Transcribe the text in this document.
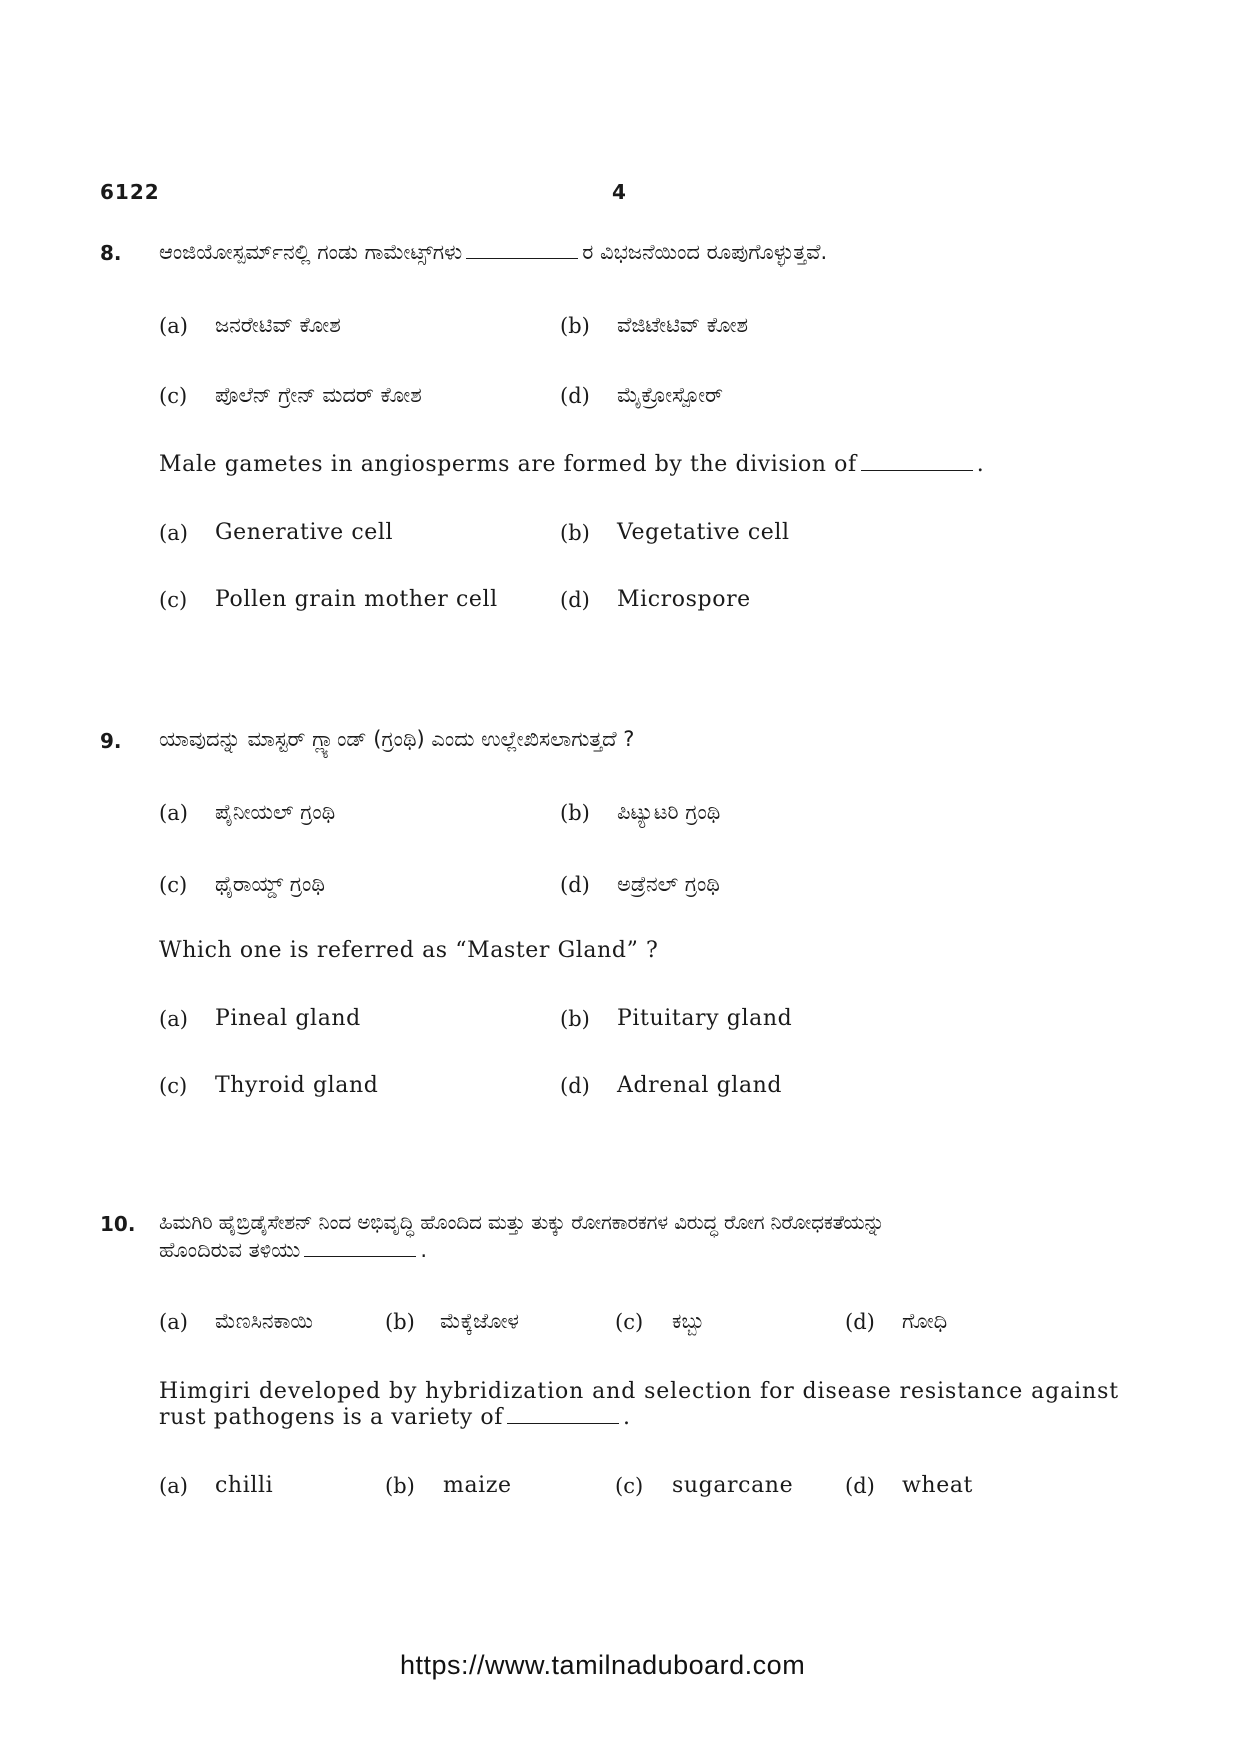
6122	4
8. ಆಂಜಿಯೋಸ್ಪರ್ಮ್‌ನಲ್ಲಿ ಗಂಡು ಗಾಮೇಟ್ಸ್‌ಗಳು	ರ ವಿಭಜನೆಯಿಂದ ರೂಪುಗೊಳ್ಳುತ್ತವೆ.
(a) ಜನರೇಟಿವ್ ಕೋಶ	(b) ವೆಜಿಟೇಟಿವ್ ಕೋಶ
(c) ಪೊಲೆನ್ ಗ್ರೇನ್ ಮದರ್ ಕೋಶ	(d) ಮೈಕ್ರೋಸ್ಪೋರ್
Male gametes in angiosperms are formed by the division of	.
(a) Generative cell	(b) Vegetative cell
(c) Pollen grain mother cell	(d) Microspore
9. ಯಾವುದನ್ನು ಮಾಸ್ಟರ್ ಗ್ಲ್ಯಾಂಡ್ (ಗ್ರಂಥಿ) ಎಂದು ಉಲ್ಲೇಖಿಸಲಾಗುತ್ತದೆ ?
(a) ಪೈನೀಯಲ್ ಗ್ರಂಥಿ	(b) ಪಿಟ್ಯುಟರಿ ಗ್ರಂಥಿ
(c) ಥೈರಾಯ್ಡ್ ಗ್ರಂಥಿ	(d) ಅಡ್ರೆನಲ್ ಗ್ರಂಥಿ
Which one is referred as “Master Gland” ?
(a) Pineal gland	(b) Pituitary gland
(c) Thyroid gland	(d) Adrenal gland
10. ಹಿಮಗಿರಿ ಹೈಬ್ರಿಡೈಸೇಶನ್ ನಿಂದ ಅಭಿವೃದ್ಧಿ ಹೊಂದಿದ ಮತ್ತು ತುಕ್ಕು ರೋಗಕಾರಕಗಳ ವಿರುದ್ಧ ರೋಗ ನಿರೋಧಕತೆಯನ್ನು
ಹೊಂದಿರುವ ತಳಿಯು	.
(a) ಮೆಣಸಿನಕಾಯಿ	(b) ಮೆಕ್ಕೆಜೋಳ	(c) ಕಬ್ಬು	(d) ಗೋಧಿ
Himgiri developed by hybridization and selection for disease resistance against
rust pathogens is a variety of	.
(a) chilli	(b) maize	(c) sugarcane (d) wheat
https://www.tamilnaduboard.com
